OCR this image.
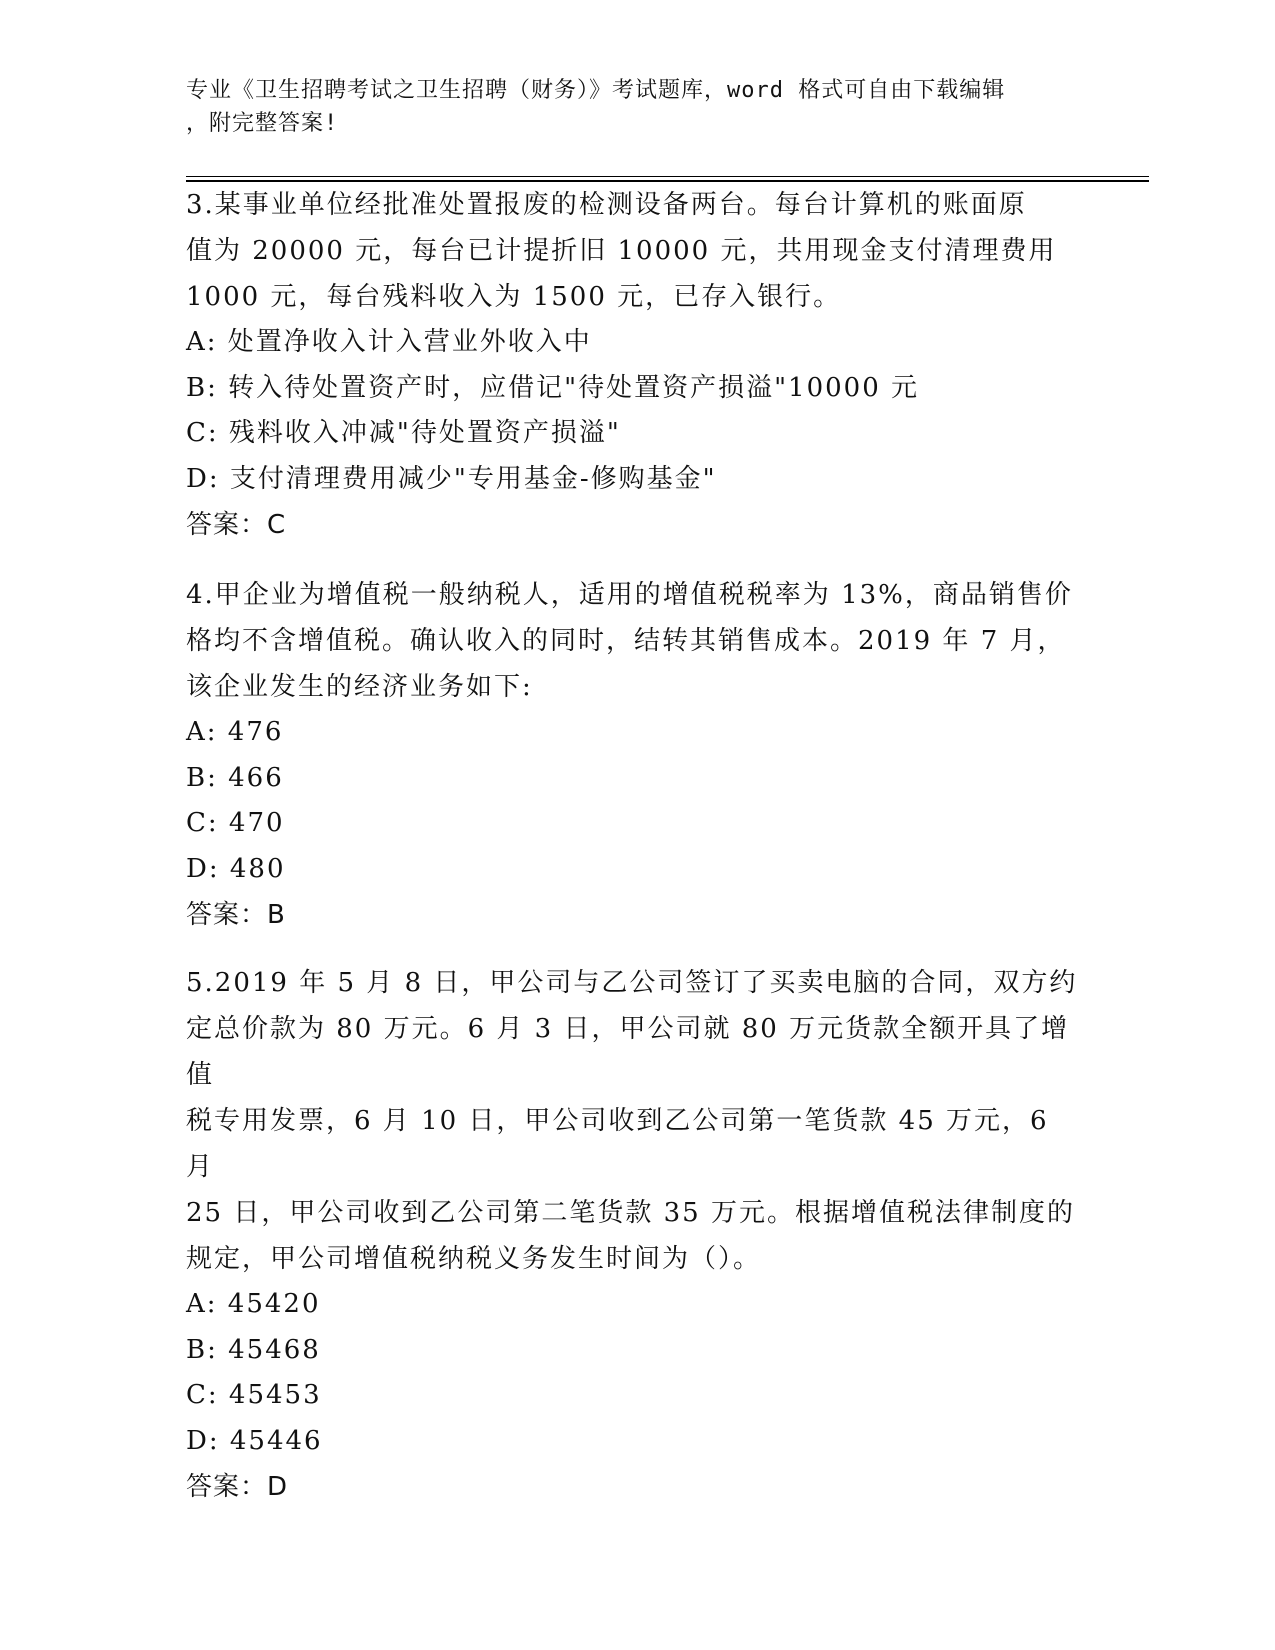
专业《卫生招聘考试之卫生招聘（财务）》考试题库，word 格式可自由下载编辑
，附完整答案!
3.某事业单位经批准处置报废的检测设备两台。每台计算机的账面原
值为 20000 元，每台已计提折旧 10000 元，共用现金支付清理费用
1000 元，每台残料收入为 1500 元，已存入银行。
A: 处置净收入计入营业外收入中
B: 转入待处置资产时，应借记"待处置资产损溢"10000 元
C: 残料收入冲减"待处置资产损溢"
D: 支付清理费用减少"专用基金-修购基金"
答案：C
4.甲企业为增值税一般纳税人，适用的增值税税率为 13%，商品销售价
格均不含增值税。确认收入的同时，结转其销售成本。2019 年 7 月，
该企业发生的经济业务如下:
A: 476
B: 466
C: 470
D: 480
答案：B
5.2019 年 5 月 8 日，甲公司与乙公司签订了买卖电脑的合同，双方约
定总价款为 80 万元。6 月 3 日，甲公司就 80 万元货款全额开具了增值
税专用发票，6 月 10 日，甲公司收到乙公司第一笔货款 45 万元，6 月
25 日，甲公司收到乙公司第二笔货款 35 万元。根据增值税法律制度的
规定，甲公司增值税纳税义务发生时间为（）。
A: 45420
B: 45468
C: 45453
D: 45446
答案：D
